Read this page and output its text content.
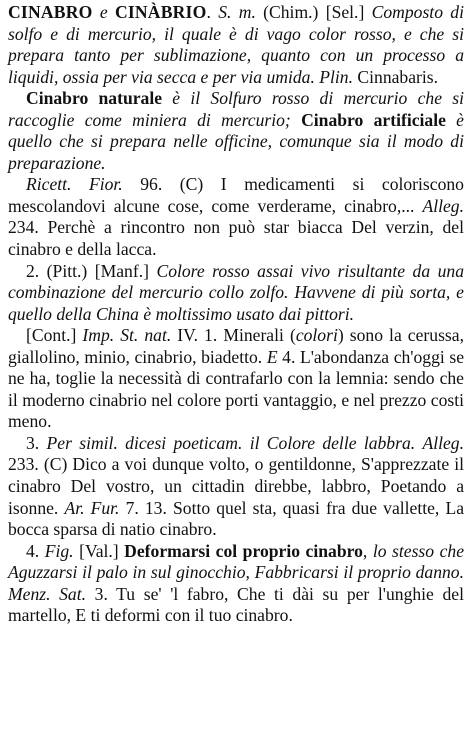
CINABRO e CINÀBRIO. S. m. (Chim.) [Sel.] Composto di solfo e di mercurio, il quale è di vago color rosso, e che si prepara tanto per sublimazione, quanto con un processo a liquidi, ossia per via secca e per via umida. Plin. Cinnabaris.

Cinabro naturale è il Solfuro rosso di mercurio che si raccoglie come miniera di mercurio; Cinabro artificiale è quello che si prepara nelle officine, comunque sia il modo di preparazione.

Ricett. Fior. 96. (C) I medicamenti si coloriscono mescolandovi alcune cose, come verderame, cinabro,... Alleg. 234. Perchè a rincontro non può star biacca Del verzin, del cinabro e della lacca.

2. (Pitt.) [Manf.] Colore rosso assai vivo risultante da una combinazione del mercurio collo zolfo. Havvene di più sorta, e quello della China è moltissimo usato dai pittori.

[Cont.] Imp. St. nat. IV. 1. Minerali (colori) sono la cerussa, giallolino, minio, cinabrio, biadetto. E 4. L'abondanza ch'oggi se ne ha, toglie la necessità di contrafarlo con la lemnia: sendo che il moderno cinabrio nel colore porti vantaggio, e nel prezzo costi meno.

3. Per simil. dicesi poeticam. il Colore delle labbra. Alleg. 233. (C) Dico a voi dunque volto, o gentildonne, S'apprezzate il cinabro Del vostro, un cittadin direbbe, labbro, Poetando a isonne. Ar. Fur. 7. 13. Sotto quel sta, quasi fra due vallette, La bocca sparsa di natio cinabro.

4. Fig. [Val.] Deformarsi col proprio cinabro, lo stesso che Aguzzarsi il palo in sul ginocchio, Fabbricarsi il proprio danno. Menz. Sat. 3. Tu se' 'l fabro, Che ti dài su per l'unghie del martello, E ti deformi con il tuo cinabro.
